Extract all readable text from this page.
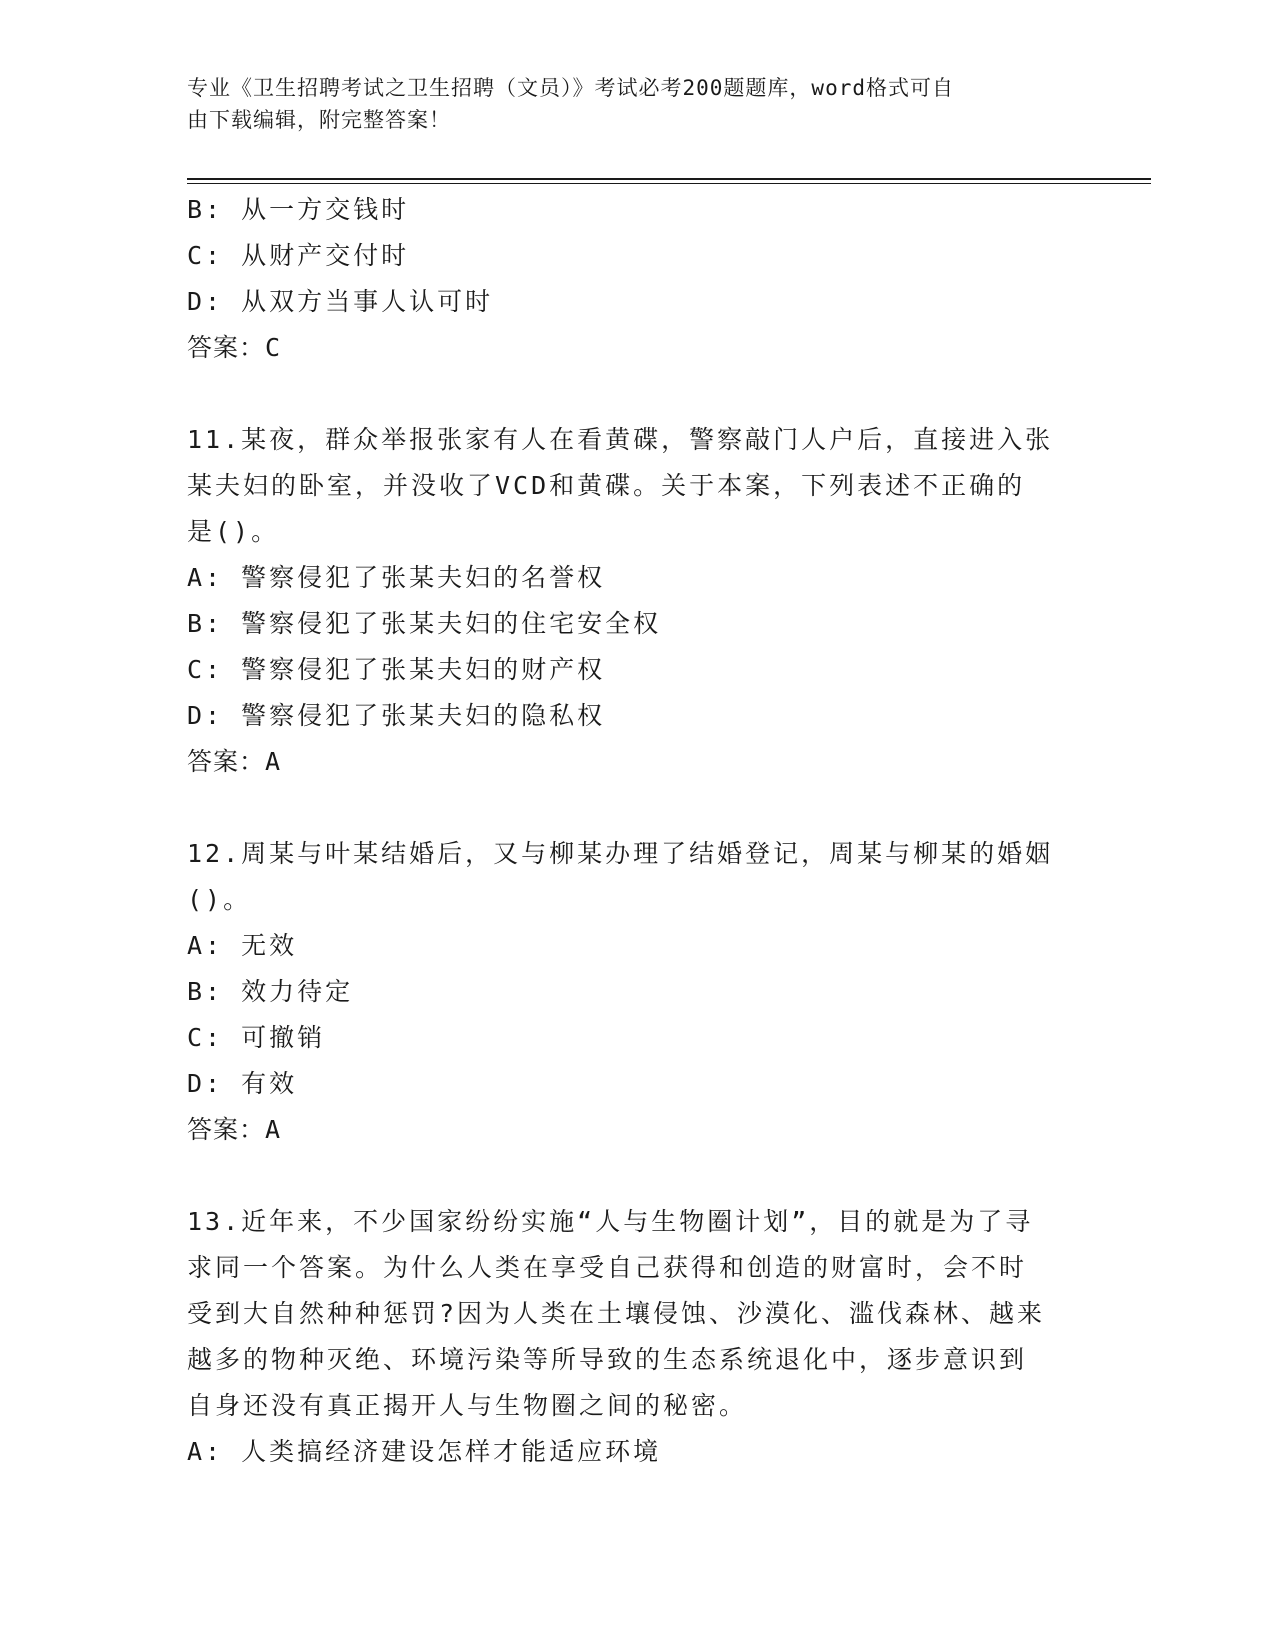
专业《卫生招聘考试之卫生招聘（文员）》考试必考200题题库，word格式可自
由下载编辑，附完整答案！
B: 从一方交钱时
C: 从财产交付时
D: 从双方当事人认可时
答案：C
11.某夜，群众举报张家有人在看黄碟，警察敲门人户后，直接进入张
某夫妇的卧室，并没收了VCD和黄碟。关于本案，下列表述不正确的
是()。
A: 警察侵犯了张某夫妇的名誉权
B: 警察侵犯了张某夫妇的住宅安全权
C: 警察侵犯了张某夫妇的财产权
D: 警察侵犯了张某夫妇的隐私权
答案：A
12.周某与叶某结婚后，又与柳某办理了结婚登记，周某与柳某的婚姻
()。
A: 无效
B: 效力待定
C: 可撤销
D: 有效
答案：A
13.近年来，不少国家纷纷实施“人与生物圈计划”，目的就是为了寻
求同一个答案。为什么人类在享受自己获得和创造的财富时，会不时
受到大自然种种惩罚?因为人类在土壤侵蚀、沙漠化、滥伐森林、越来
越多的物种灭绝、环境污染等所导致的生态系统退化中，逐步意识到
自身还没有真正揭开人与生物圈之间的秘密。
A: 人类搞经济建设怎样才能适应环境
